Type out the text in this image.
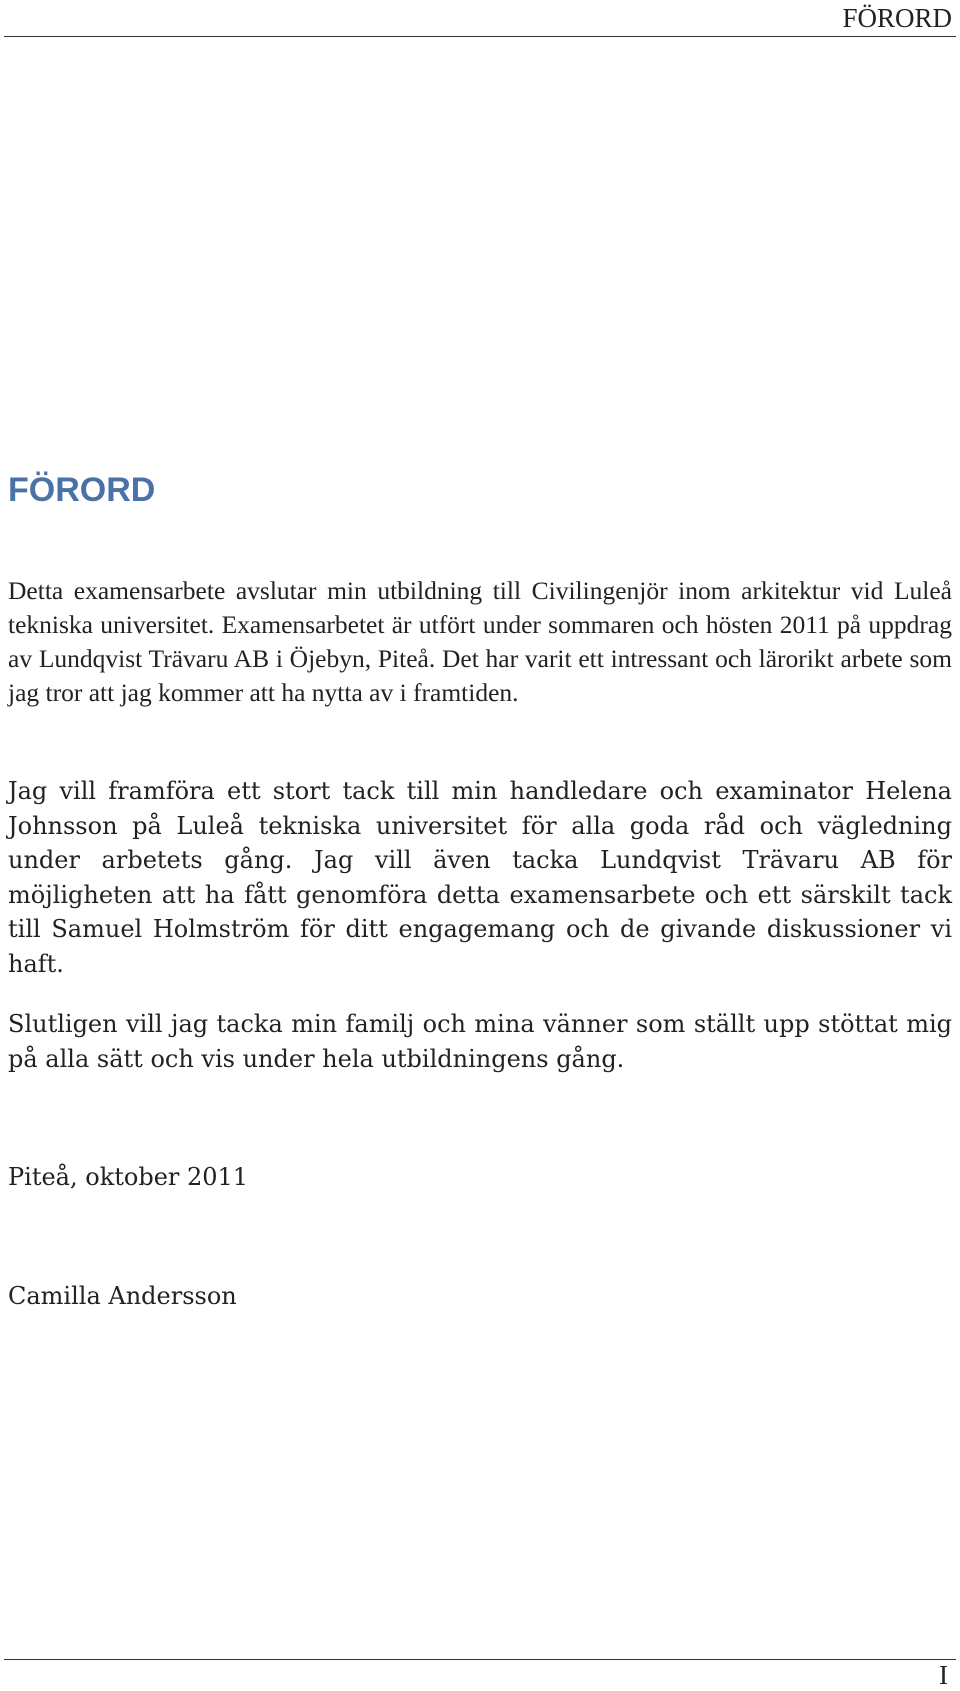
FÖRORD
FÖRORD

Detta examensarbete avslutar min utbildning till Civilingenjör inom arkitektur vid Luleå tekniska universitet. Examensarbetet är utfört under sommaren och hösten 2011 på uppdrag av Lundqvist Trävaru AB i Öjebyn, Piteå. Det har varit ett intressant och lärorikt arbete som jag tror att jag kommer att ha nytta av i framtiden.

Jag vill framföra ett stort tack till min handledare och examinator Helena Johnsson på Luleå tekniska universitet för alla goda råd och vägledning under arbetets gång. Jag vill även tacka Lundqvist Trävaru AB för möjligheten att ha fått genomföra detta examensarbete och ett särskilt tack till Samuel Holmström för ditt engagemang och de givande diskussioner vi haft.

Slutligen vill jag tacka min familj och mina vänner som ställt upp stöttat mig på alla sätt och vis under hela utbildningens gång.

Piteå, oktober 2011

Camilla Andersson

I
